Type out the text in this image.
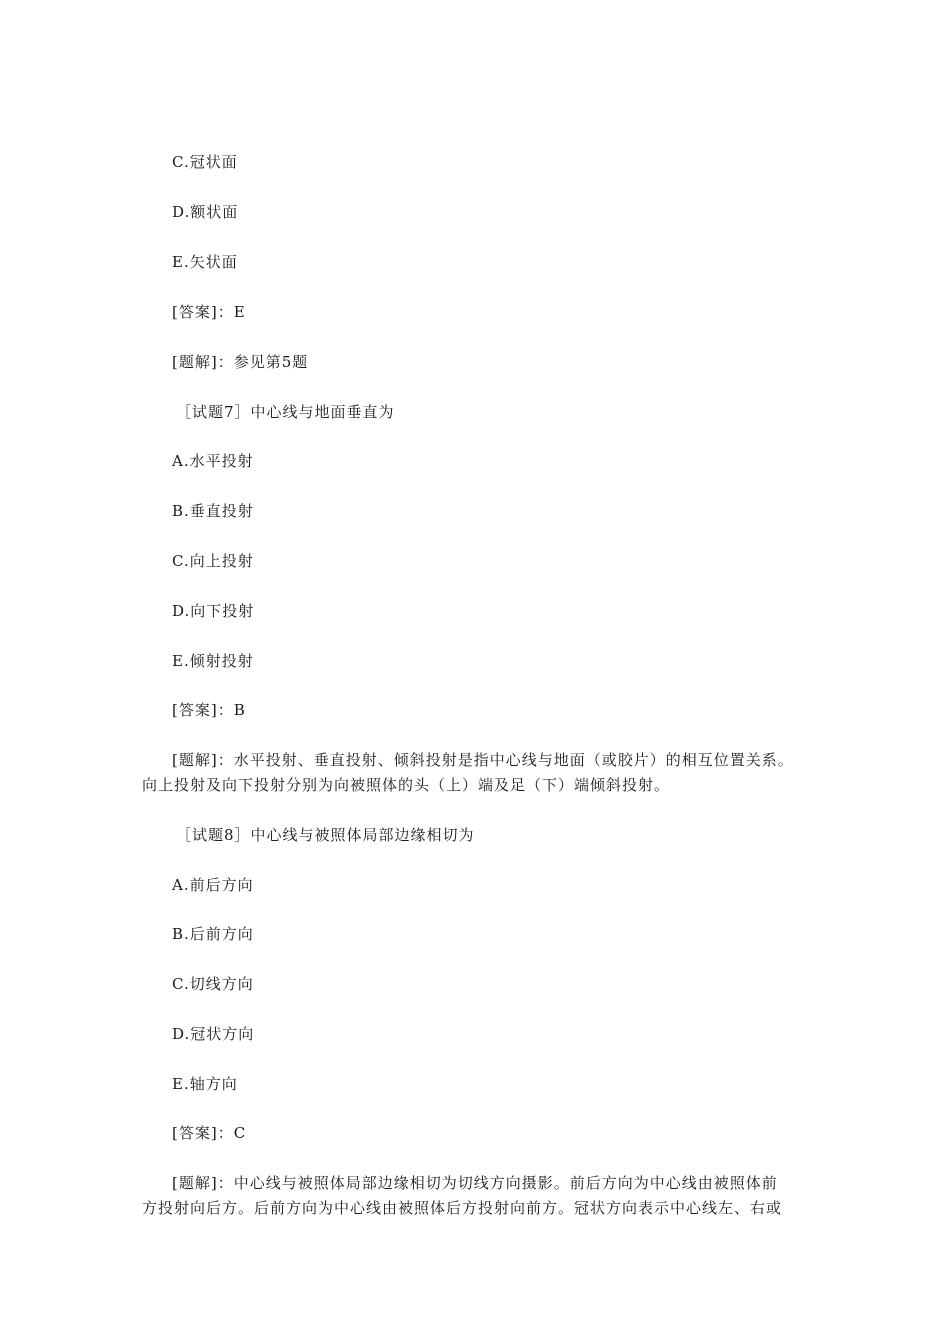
C.冠状面
D.额状面
E.矢状面
[答案]：E
[题解]：参见第5题
［试题7］中心线与地面垂直为
A.水平投射
B.垂直投射
C.向上投射
D.向下投射
E.倾射投射
[答案]：B
[题解]：水平投射、垂直投射、倾斜投射是指中心线与地面（或胶片）的相互位置关系。
向上投射及向下投射分别为向被照体的头（上）端及足（下）端倾斜投射。
［试题8］中心线与被照体局部边缘相切为
A.前后方向
B.后前方向
C.切线方向
D.冠状方向
E.轴方向
[答案]：C
[题解]：中心线与被照体局部边缘相切为切线方向摄影。前后方向为中心线由被照体前
方投射向后方。后前方向为中心线由被照体后方投射向前方。冠状方向表示中心线左、右或
